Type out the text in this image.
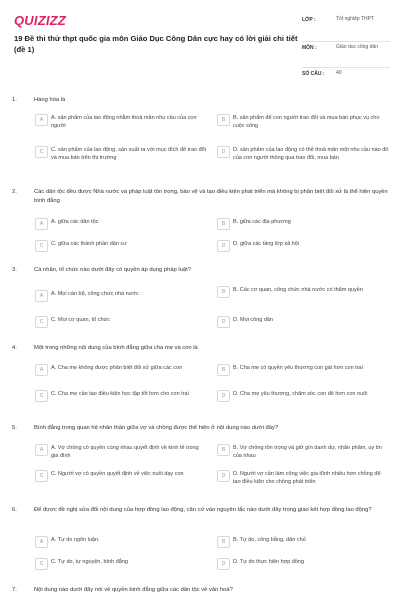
QUIZIZZ
19 Đề thi thử thpt quốc gia môn Giáo Dục Công Dân cực hay có lời giải chi tiết (đề 1)
LỚP :	Tốt nghiệp THPT
MÔN :	Giáo dục công dân
SỐ CÂU :	40
1.	Hàng hóa là
A	A. sản phẩm của lao động nhằm thoả mãn nhu cầu của con người
B	B. sản phẩm để con người trao đổi và mua bán phục vụ cho cuộc sống
C	C. sản phẩm của lao động, sản xuất ra với mục đích để trao đổi và mua bán trên thị trường
D	D. sản phẩm của lao động có thể thoả mãn một nhu cầu nào đó của con người thông qua trao đổi, mua bán
2.	Các dân tộc đều được Nhà nước và pháp luật tôn trọng, bảo vệ và tạo điều kiện phát triển mà không bị phân biệt đối xử là thể hiện quyền bình đẳng
A	A. giữa các dân tộc	B	B. giữa các địa phương
C	C. giữa các thành phần dân cư	D	D. giữa các tầng lớp xã hội
3.	Cá nhân, tổ chức nào dưới đây có quyền áp dụng pháp luật?
A	A. Mọi cán bộ, công chức nhà nước	B	B. Các cơ quan, công chức nhà nước có thẩm quyền
C	C. Mọi cơ quan, tổ chức	D	D. Mọi công dân
4.	Một trong những nội dung của bình đẳng giữa cha mẹ và con là
A	A. Cha mẹ không được phân biệt đối xử giữa các con	B	B. Cha mẹ có quyền yêu thương con gái hơn con trai
C	C. Cha mẹ cần tạo điều kiện học tập tốt hơn cho con trai	D	D. Cha mẹ yêu thương, chăm sóc con đẻ hơn con nuôi
5.	Bình đẳng trong quan hệ nhân thân giữa vợ và chồng được thể hiện ở nội dung nào dưới đây?
A	A. Vợ chồng có quyền cùng nhau quyết định về kinh tế trong gia đình
B	B. Vợ chồng tôn trọng và giữ gìn danh dự, nhân phẩm, uy tín của nhau
C	C. Người vợ có quyền quyết định về việc nuôi dạy con	D	D. Người vợ cần làm công việc gia đình nhiều hơn chồng để tạo điều kiện cho chồng phát triển
6.	Để được đề nghị sửa đổi nội dung của hợp đồng lao động, căn cứ vào nguyên tắc nào dưới đây trong giao kết hợp đồng lao động?
A	A. Tự do ngôn luận.	B	B. Tự do, công bằng, dân chủ
C	C. Tự do, tự nguyện, bình đẳng	D	D. Tự do thực hiện hợp đồng
7.	Nội dung nào dưới đây nói về quyền bình đẳng giữa các dân tộc về văn hoá?
